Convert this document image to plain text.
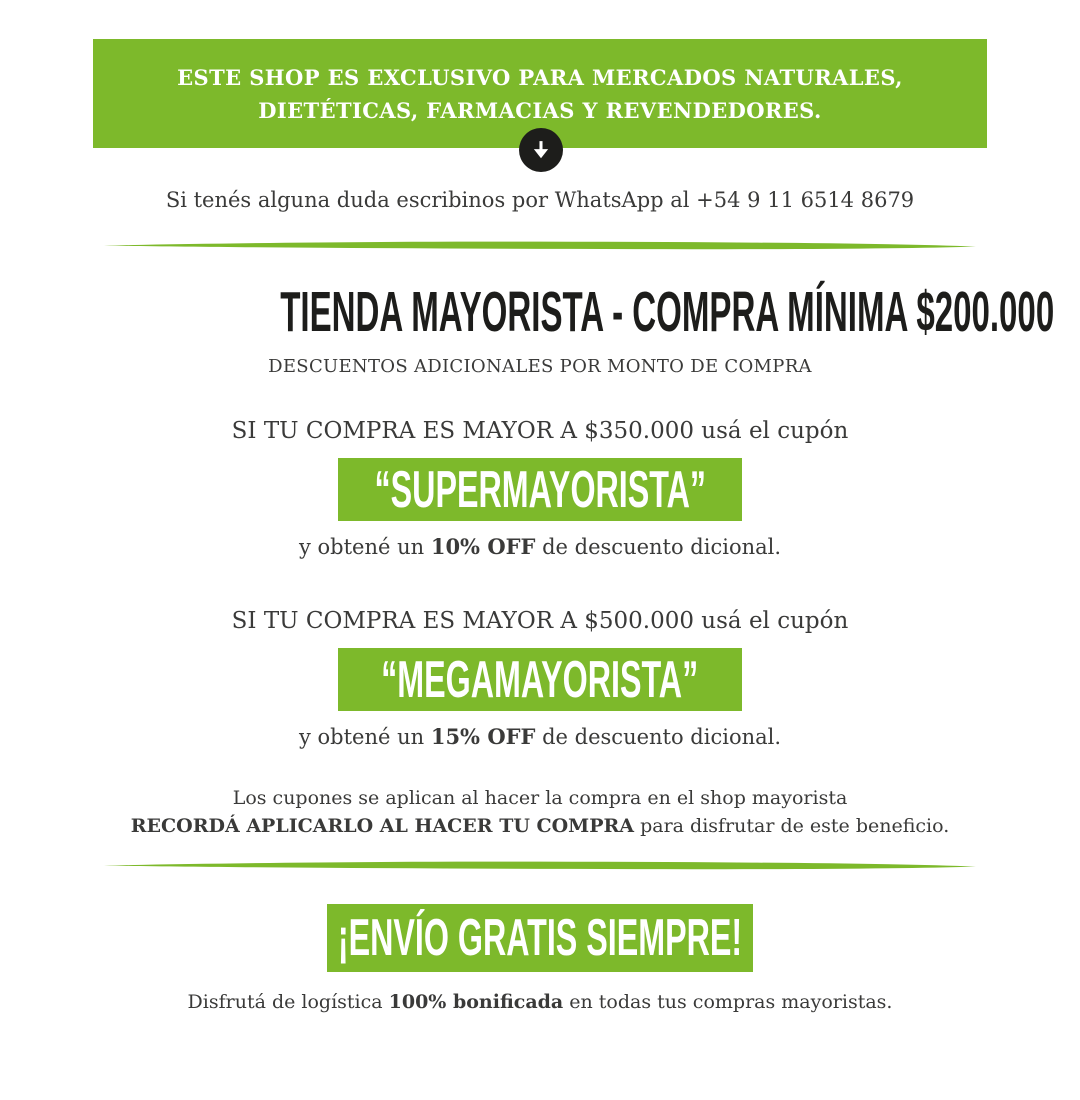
ESTE SHOP ES EXCLUSIVO PARA MERCADOS NATURALES,
DIETÉTICAS, FARMACIAS Y REVENDEDORES.
Si tenés alguna duda escribinos por WhatsApp al +54 9 11 6514 8679
TIENDA MAYORISTA - COMPRA MÍNIMA $200.000
DESCUENTOS ADICIONALES POR MONTO DE COMPRA
SI TU COMPRA ES MAYOR A $350.000 usá el cupón
“SUPERMAYORISTA”
y obtené un 10% OFF de descuento dicional.
SI TU COMPRA ES MAYOR A $500.000 usá el cupón
“MEGAMAYORISTA”
y obtené un 15% OFF de descuento dicional.
Los cupones se aplican al hacer la compra en el shop mayorista
RECORDÁ APLICARLO AL HACER TU COMPRA para disfrutar de este beneficio.
¡ENVÍO GRATIS SIEMPRE!
Disfrutá de logística 100% bonificada en todas tus compras mayoristas.
